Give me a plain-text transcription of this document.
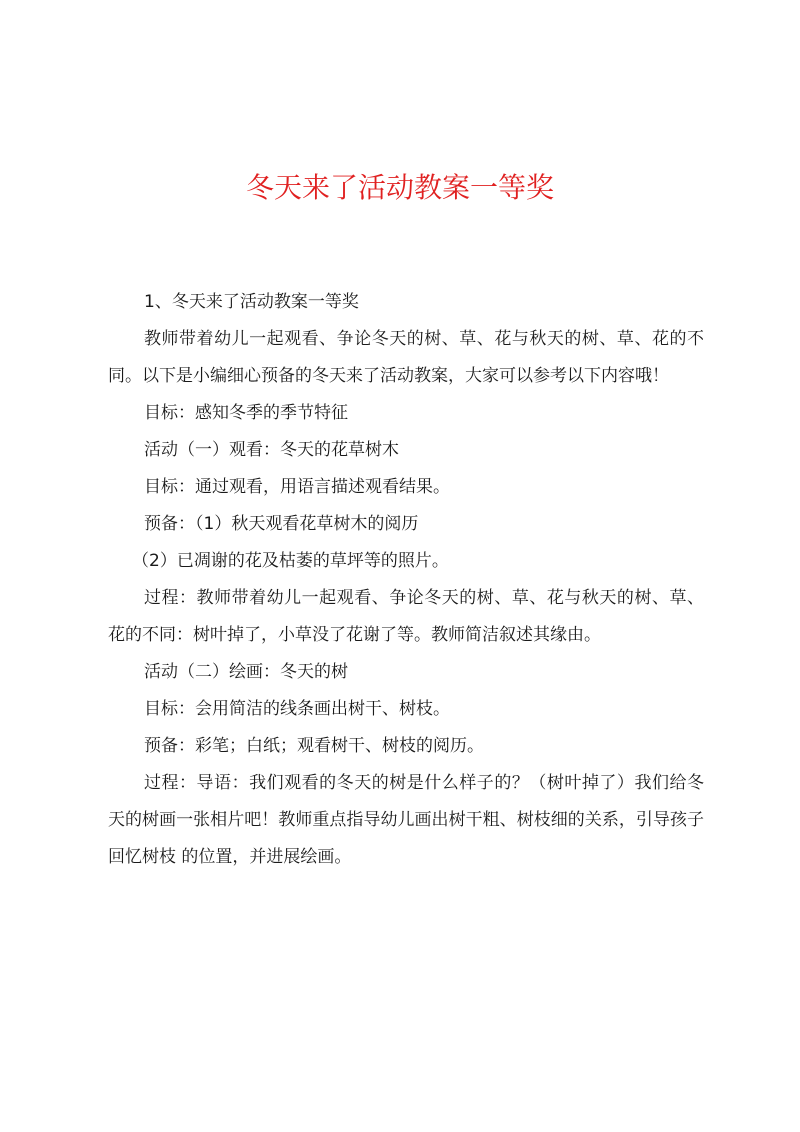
冬天来了活动教案一等奖

1、冬天来了活动教案一等奖

教师带着幼儿一起观看、争论冬天的树、草、花与秋天的树、草、花的不同。以下是小编细心预备的冬天来了活动教案，大家可以参考以下内容哦！

目标：感知冬季的季节特征

活动（一）观看：冬天的花草树木

目标：通过观看，用语言描述观看结果。

预备：（1）秋天观看花草树木的阅历

（2）已凋谢的花及枯萎的草坪等的照片。

过程：教师带着幼儿一起观看、争论冬天的树、草、花与秋天的树、草、花的不同：树叶掉了，小草没了花谢了等。教师简洁叙述其缘由。

活动（二）绘画：冬天的树

目标：会用简洁的线条画出树干、树枝。

预备：彩笔；白纸；观看树干、树枝的阅历。

过程：导语：我们观看的冬天的树是什么样子的？（树叶掉了）我们给冬天的树画一张相片吧！教师重点指导幼儿画出树干粗、树枝细的关系，引导孩子回忆树枝 的位置，并进展绘画。
